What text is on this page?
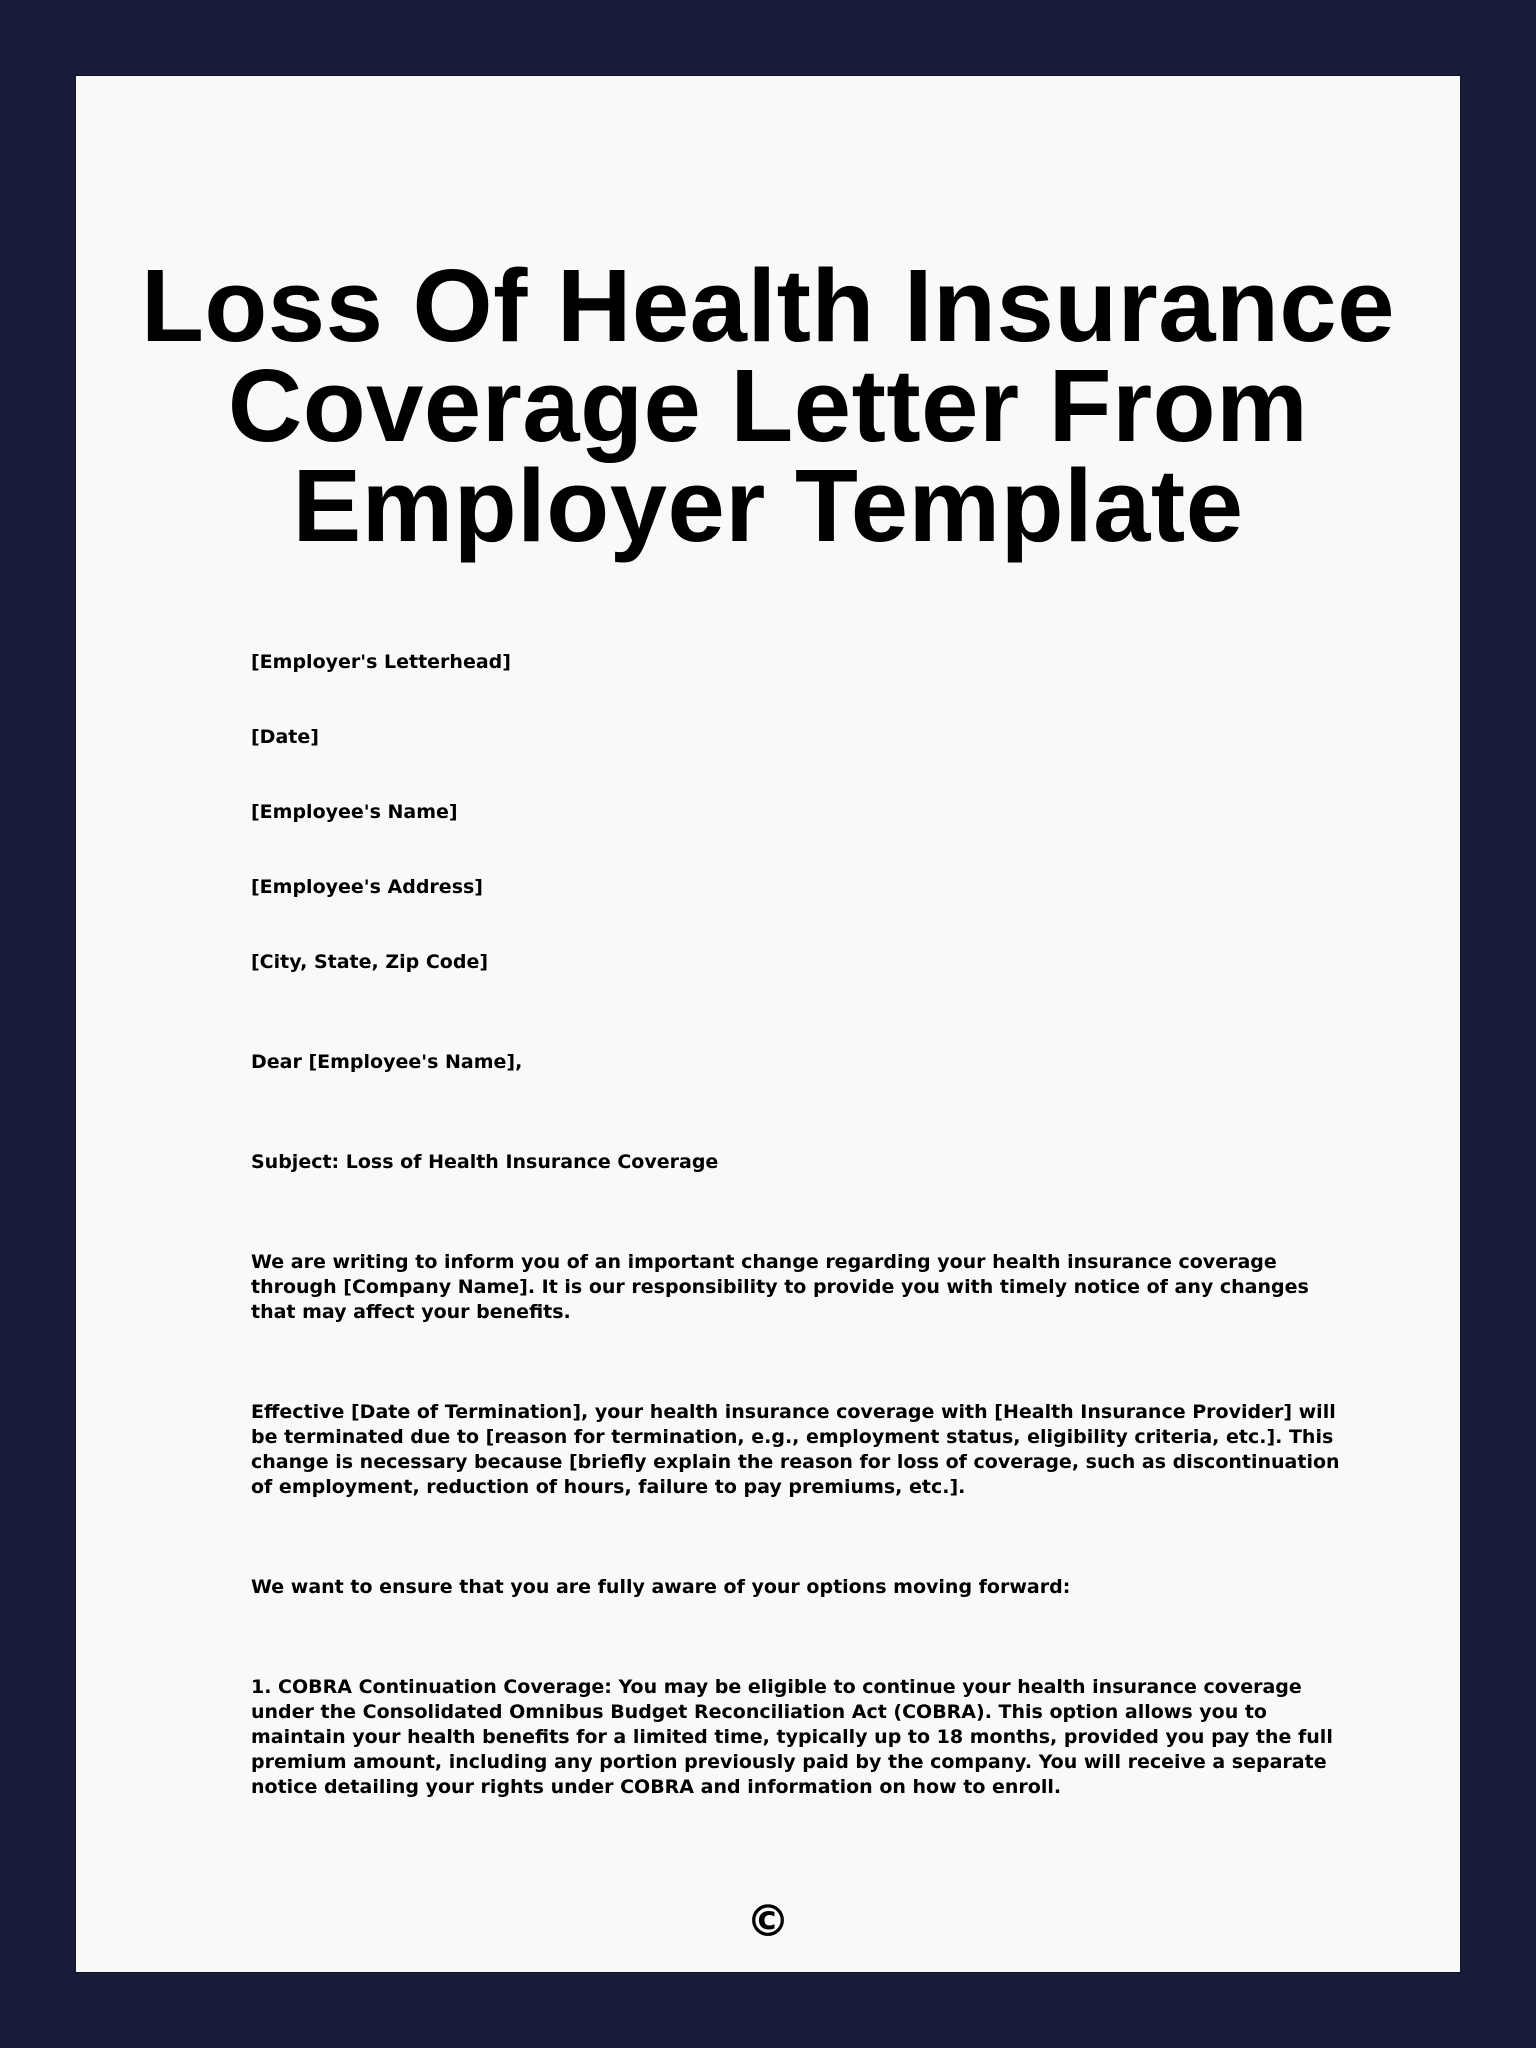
Loss Of Health Insurance
Coverage Letter From
Employer Template

[Employer's Letterhead]

[Date]

[Employee's Name]

[Employee's Address]

[City, State, Zip Code]

Dear [Employee's Name],

Subject: Loss of Health Insurance Coverage

We are writing to inform you of an important change regarding your health insurance coverage through [Company Name]. It is our responsibility to provide you with timely notice of any changes that may affect your benefits.

Effective [Date of Termination], your health insurance coverage with [Health Insurance Provider] will be terminated due to [reason for termination, e.g., employment status, eligibility criteria, etc.]. This change is necessary because [briefly explain the reason for loss of coverage, such as discontinuation of employment, reduction of hours, failure to pay premiums, etc.].

We want to ensure that you are fully aware of your options moving forward:

1. COBRA Continuation Coverage: You may be eligible to continue your health insurance coverage under the Consolidated Omnibus Budget Reconciliation Act (COBRA). This option allows you to maintain your health benefits for a limited time, typically up to 18 months, provided you pay the full premium amount, including any portion previously paid by the company. You will receive a separate notice detailing your rights under COBRA and information on how to enroll.

©
